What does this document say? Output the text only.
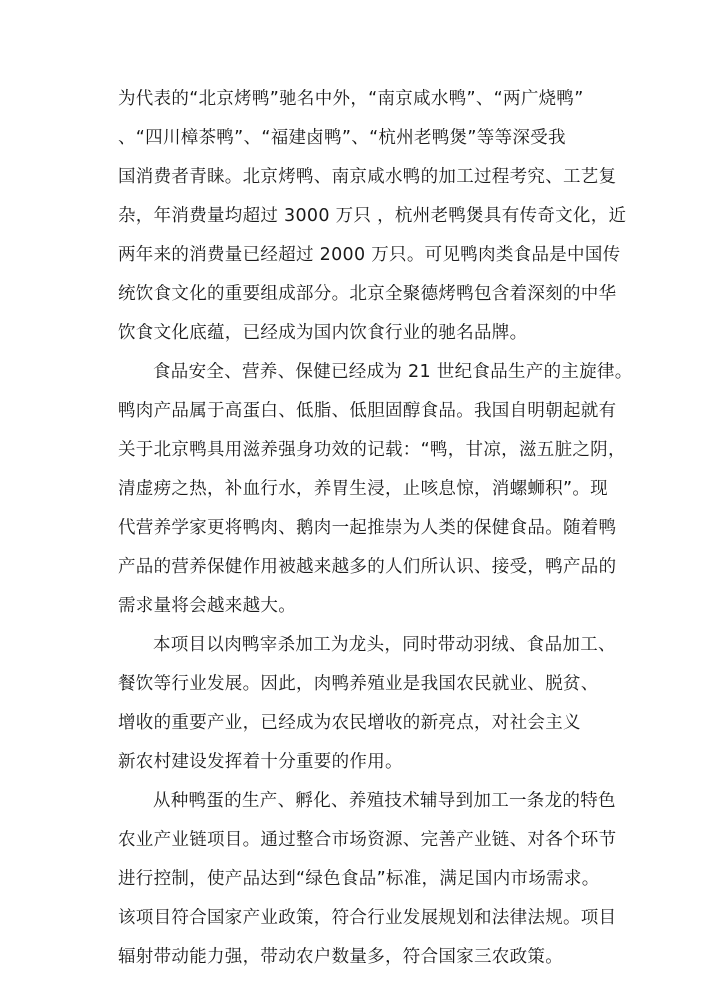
为代表的“北京烤鸭”驰名中外，“南京咸水鸭”、“两广烧鸭”
、“四川樟茶鸭”、“福建卤鸭”、“杭州老鸭煲”等等深受我
国消费者青睐。北京烤鸭、南京咸水鸭的加工过程考究、工艺复
杂，年消费量均超过 3000 万只 ，杭州老鸭煲具有传奇文化，近
两年来的消费量已经超过 2000 万只。可见鸭肉类食品是中国传
统饮食文化的重要组成部分。北京全聚德烤鸭包含着深刻的中华
饮食文化底蕴，已经成为国内饮食行业的驰名品牌。
食品安全、营养、保健已经成为 21 世纪食品生产的主旋律。
鸭肉产品属于高蛋白、低脂、低胆固醇食品。我国自明朝起就有
关于北京鸭具用滋养强身功效的记载：“鸭，甘凉，滋五脏之阴，
清虚痨之热，补血行水，养胃生浸，止咳息惊，消螺蛳积”。现
代营养学家更将鸭肉、鹅肉一起推崇为人类的保健食品。随着鸭
产品的营养保健作用被越来越多的人们所认识、接受，鸭产品的
需求量将会越来越大。
本项目以肉鸭宰杀加工为龙头，同时带动羽绒、食品加工、
餐饮等行业发展。因此，肉鸭养殖业是我国农民就业、脱贫、
增收的重要产业，已经成为农民增收的新亮点，对社会主义
新农村建设发挥着十分重要的作用。
从种鸭蛋的生产、孵化、养殖技术辅导到加工一条龙的特色
农业产业链项目。通过整合市场资源、完善产业链、对各个环节
进行控制，使产品达到“绿色食品”标准，满足国内市场需求。
该项目符合国家产业政策，符合行业发展规划和法律法规。项目
辐射带动能力强，带动农户数量多，符合国家三农政策。
